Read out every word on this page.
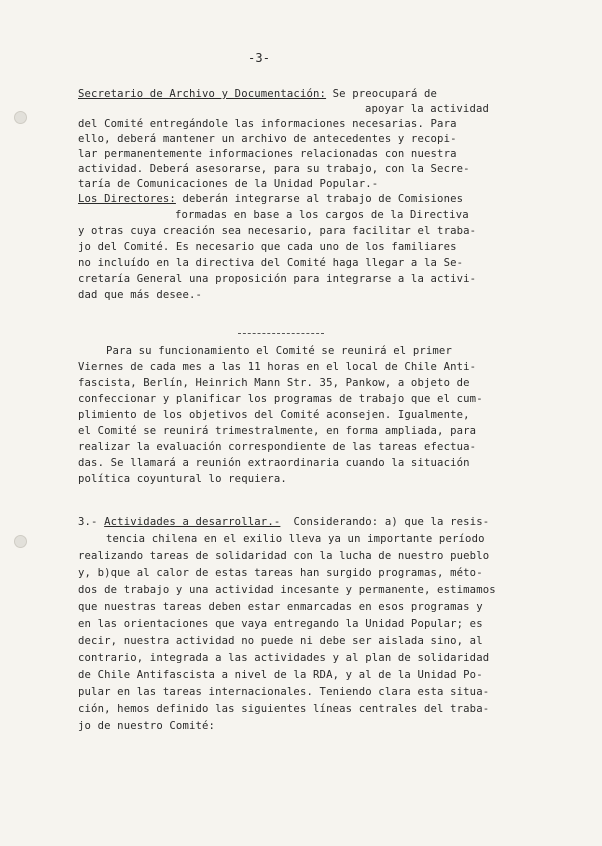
-3-
Secretario de Archivo y Documentación: Se preocupará de
apoyar la actividad
del Comité entregándole las informaciones necesarias. Para
ello, deberá mantener un archivo de antecedentes y recopi-
lar permanentemente informaciones relacionadas con nuestra
actividad. Deberá asesorarse, para su trabajo, con la Secre-
taría de Comunicaciones de la Unidad Popular.-
Los Directores: deberán integrarse al trabajo de Comisiones
formadas en base a los cargos de la Directiva
y otras cuya creación sea necesario, para facilitar el traba-
jo del Comité. Es necesario que cada uno de los familiares
no incluído en la directiva del Comité haga llegar a la Se-
cretaría General una proposición para integrarse a la activi-
dad que más desee.-
Para su funcionamiento el Comité se reunirá el primer
Viernes de cada mes a las 11 horas en el local de Chile Anti-
fascista, Berlín, Heinrich Mann Str. 35, Pankow, a objeto de
confeccionar y planificar los programas de trabajo que el cum-
plimiento de los objetivos del Comité aconsejen. Igualmente,
el Comité se reunirá trimestralmente, en forma ampliada, para
realizar la evaluación correspondiente de las tareas efectua-
das. Se llamará a reunión extraordinaria cuando la situación
política coyuntural lo requiera.
3.- Actividades a desarrollar.-  Considerando: a) que la resis-
tencia chilena en el exilio lleva ya un importante período
realizando tareas de solidaridad con la lucha de nuestro pueblo
y, b)que al calor de estas tareas han surgido programas, méto-
dos de trabajo y una actividad incesante y permanente, estimamos
que nuestras tareas deben estar enmarcadas en esos programas y
en las orientaciones que vaya entregando la Unidad Popular; es
decir, nuestra actividad no puede ni debe ser aislada sino, al
contrario, integrada a las actividades y al plan de solidaridad
de Chile Antifascista a nivel de la RDA, y al de la Unidad Po-
pular en las tareas internacionales. Teniendo clara esta situa-
ción, hemos definido las siguientes líneas centrales del traba-
jo de nuestro Comité:
